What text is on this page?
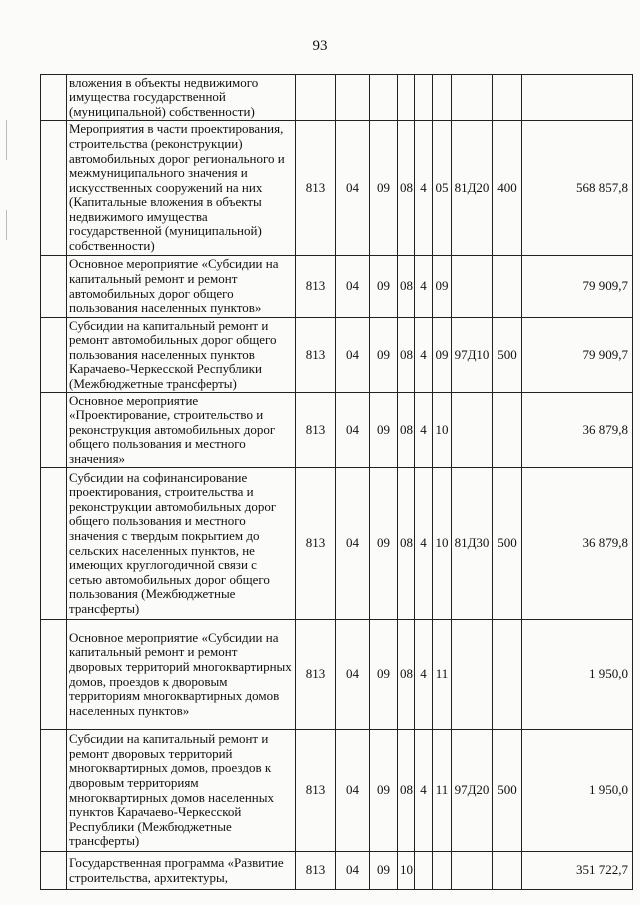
93
	вложения в объекты недвижимого имущества государственной (муниципальной) собственности)									
	Мероприятия в части проектирования, строительства (реконструкции) автомобильных дорог регионального и межмуниципального значения и искусственных сооружений на них (Капитальные вложения в объекты недвижимого имущества государственной (муниципальной) собственности)	813	04	09	08	4	05	81Д20	400	568 857,8
	Основное мероприятие «Субсидии на капитальный ремонт и ремонт автомобильных дорог общего пользования населенных пунктов»	813	04	09	08	4	09			79 909,7
	Субсидии на капитальный ремонт и ремонт автомобильных дорог общего пользования населенных пунктов Карачаево-Черкесской Республики (Межбюджетные трансферты)	813	04	09	08	4	09	97Д10	500	79 909,7
	Основное мероприятие «Проектирование, строительство и реконструкция автомобильных дорог общего пользования и местного значения»	813	04	09	08	4	10			36 879,8
	Субсидии на софинансирование проектирования, строительства и реконструкции автомобильных дорог общего пользования и местного значения с твердым покрытием до сельских населенных пунктов, не имеющих круглогодичной связи с сетью автомобильных дорог общего пользования (Межбюджетные трансферты)	813	04	09	08	4	10	81Д30	500	36 879,8
	Основное мероприятие «Субсидии на капитальный ремонт и ремонт дворовых территорий многоквартирных домов, проездов к дворовым территориям многоквартирных домов населенных пунктов»	813	04	09	08	4	11			1 950,0
	Субсидии на капитальный ремонт и ремонт дворовых территорий многоквартирных домов, проездов к дворовым территориям многоквартирных домов населенных пунктов Карачаево-Черкесской Республики (Межбюджетные трансферты)	813	04	09	08	4	11	97Д20	500	1 950,0
	Государственная программа «Развитие строительства, архитектуры,	813	04	09	10					351 722,7
